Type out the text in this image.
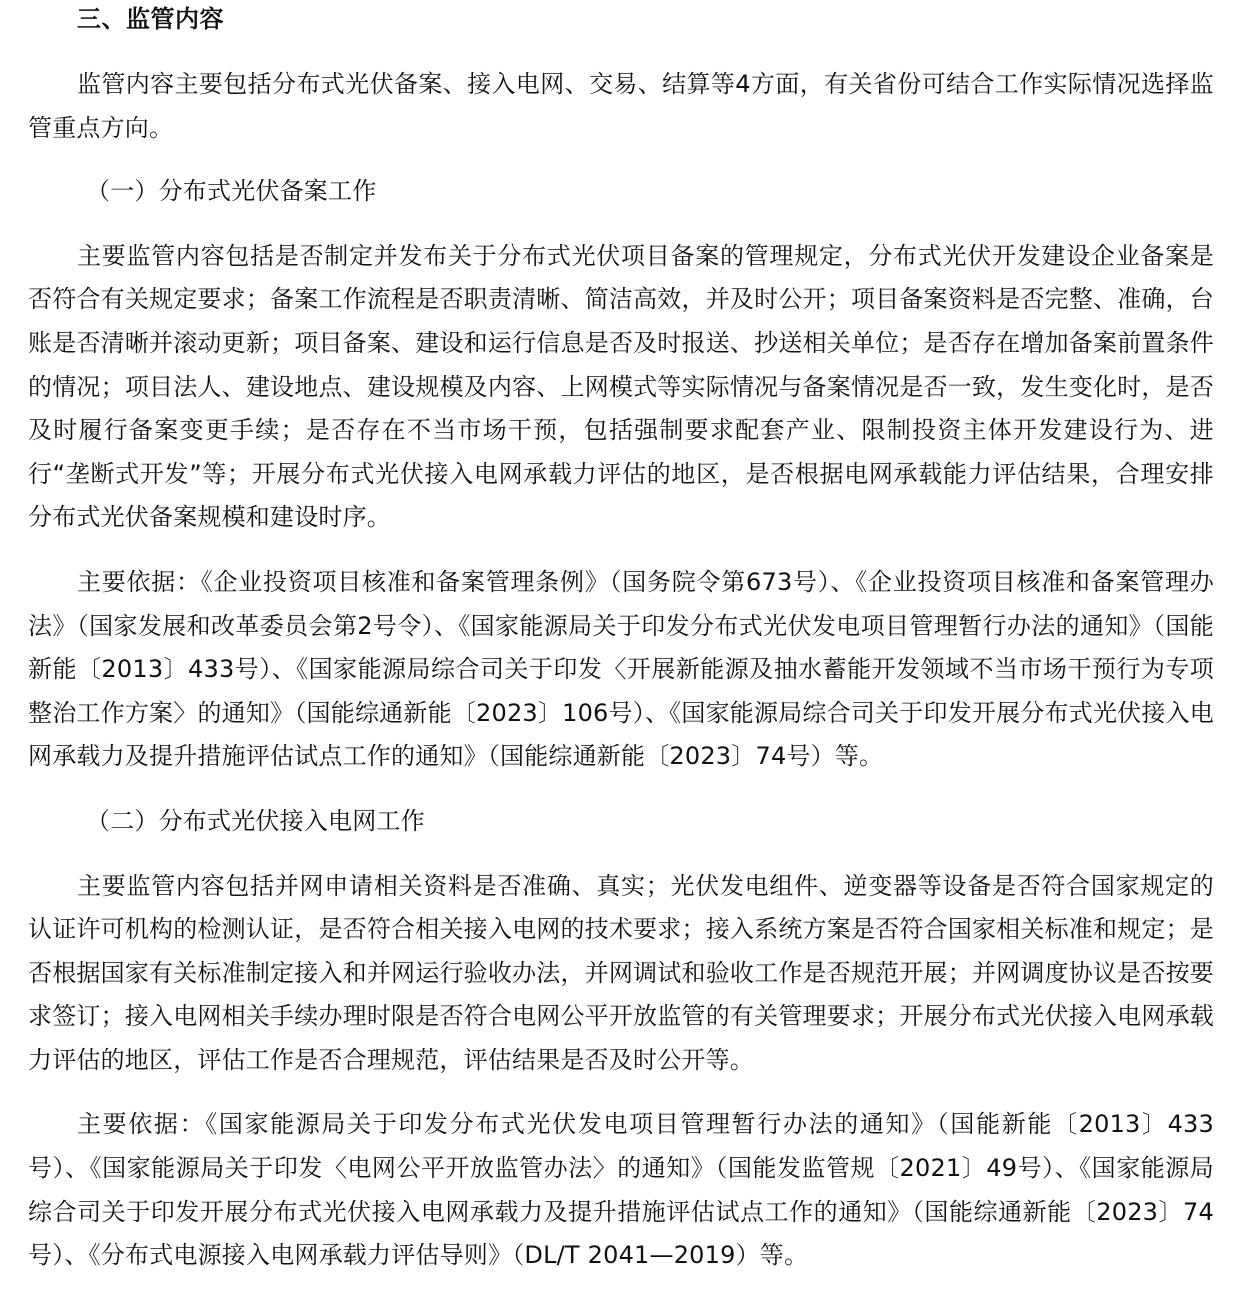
三、监管内容

监管内容主要包括分布式光伏备案、接入电网、交易、结算等4方面，有关省份可结合工作实际情况选择监管重点方向。

（一）分布式光伏备案工作

主要监管内容包括是否制定并发布关于分布式光伏项目备案的管理规定，分布式光伏开发建设企业备案是否符合有关规定要求；备案工作流程是否职责清晰、简洁高效，并及时公开；项目备案资料是否完整、准确，台账是否清晰并滚动更新；项目备案、建设和运行信息是否及时报送、抄送相关单位；是否存在增加备案前置条件的情况；项目法人、建设地点、建设规模及内容、上网模式等实际情况与备案情况是否一致，发生变化时，是否及时履行备案变更手续；是否存在不当市场干预，包括强制要求配套产业、限制投资主体开发建设行为、进行“垄断式开发”等；开展分布式光伏接入电网承载力评估的地区，是否根据电网承载能力评估结果，合理安排分布式光伏备案规模和建设时序。

主要依据：《企业投资项目核准和备案管理条例》（国务院令第673号）、《企业投资项目核准和备案管理办法》（国家发展和改革委员会第2号令）、《国家能源局关于印发分布式光伏发电项目管理暂行办法的通知》（国能新能〔2013〕433号）、《国家能源局综合司关于印发〈开展新能源及抽水蓄能开发领域不当市场干预行为专项整治工作方案〉的通知》（国能综通新能〔2023〕106号）、《国家能源局综合司关于印发开展分布式光伏接入电网承载力及提升措施评估试点工作的通知》（国能综通新能〔2023〕74号）等。

（二）分布式光伏接入电网工作

主要监管内容包括并网申请相关资料是否准确、真实；光伏发电组件、逆变器等设备是否符合国家规定的认证许可机构的检测认证，是否符合相关接入电网的技术要求；接入系统方案是否符合国家相关标准和规定；是否根据国家有关标准制定接入和并网运行验收办法，并网调试和验收工作是否规范开展；并网调度协议是否按要求签订；接入电网相关手续办理时限是否符合电网公平开放监管的有关管理要求；开展分布式光伏接入电网承载力评估的地区，评估工作是否合理规范，评估结果是否及时公开等。

主要依据：《国家能源局关于印发分布式光伏发电项目管理暂行办法的通知》（国能新能〔2013〕433号）、《国家能源局关于印发〈电网公平开放监管办法〉的通知》（国能发监管规〔2021〕49号）、《国家能源局综合司关于印发开展分布式光伏接入电网承载力及提升措施评估试点工作的通知》（国能综通新能〔2023〕74号）、《分布式电源接入电网承载力评估导则》（DL/T 2041—2019）等。
